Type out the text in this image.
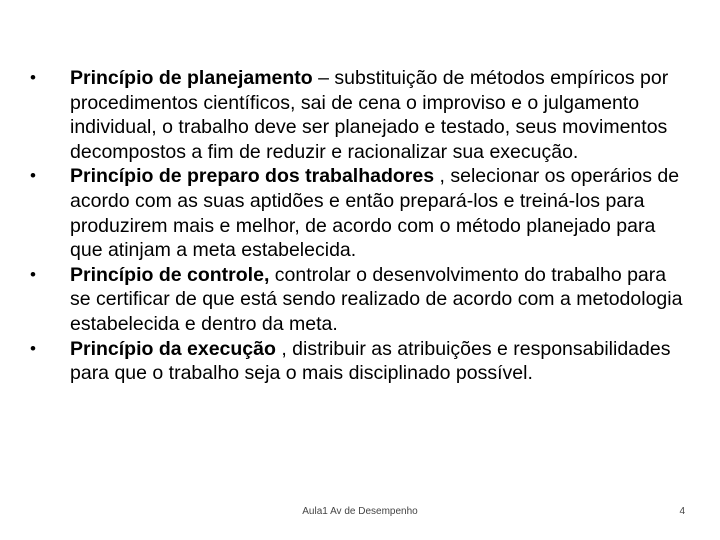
•	Princípio de planejamento – substituição de métodos empíricos por procedimentos científicos, sai de cena o improviso e o julgamento individual, o trabalho deve ser planejado e testado, seus movimentos decompostos a fim de reduzir e racionalizar sua execução.
•	Princípio de preparo dos trabalhadores , selecionar os operários de acordo com as suas aptidões e então prepará-los e treiná-los para produzirem mais e melhor, de acordo com o método planejado para que atinjam a meta estabelecida.
•	Princípio de controle, controlar o desenvolvimento do trabalho para se certificar de que está sendo realizado de acordo com a metodologia estabelecida e dentro da meta.
•	Princípio da execução , distribuir as atribuições e responsabilidades para que o trabalho seja o mais disciplinado possível.
Aula1 Av de Desempenho	4
